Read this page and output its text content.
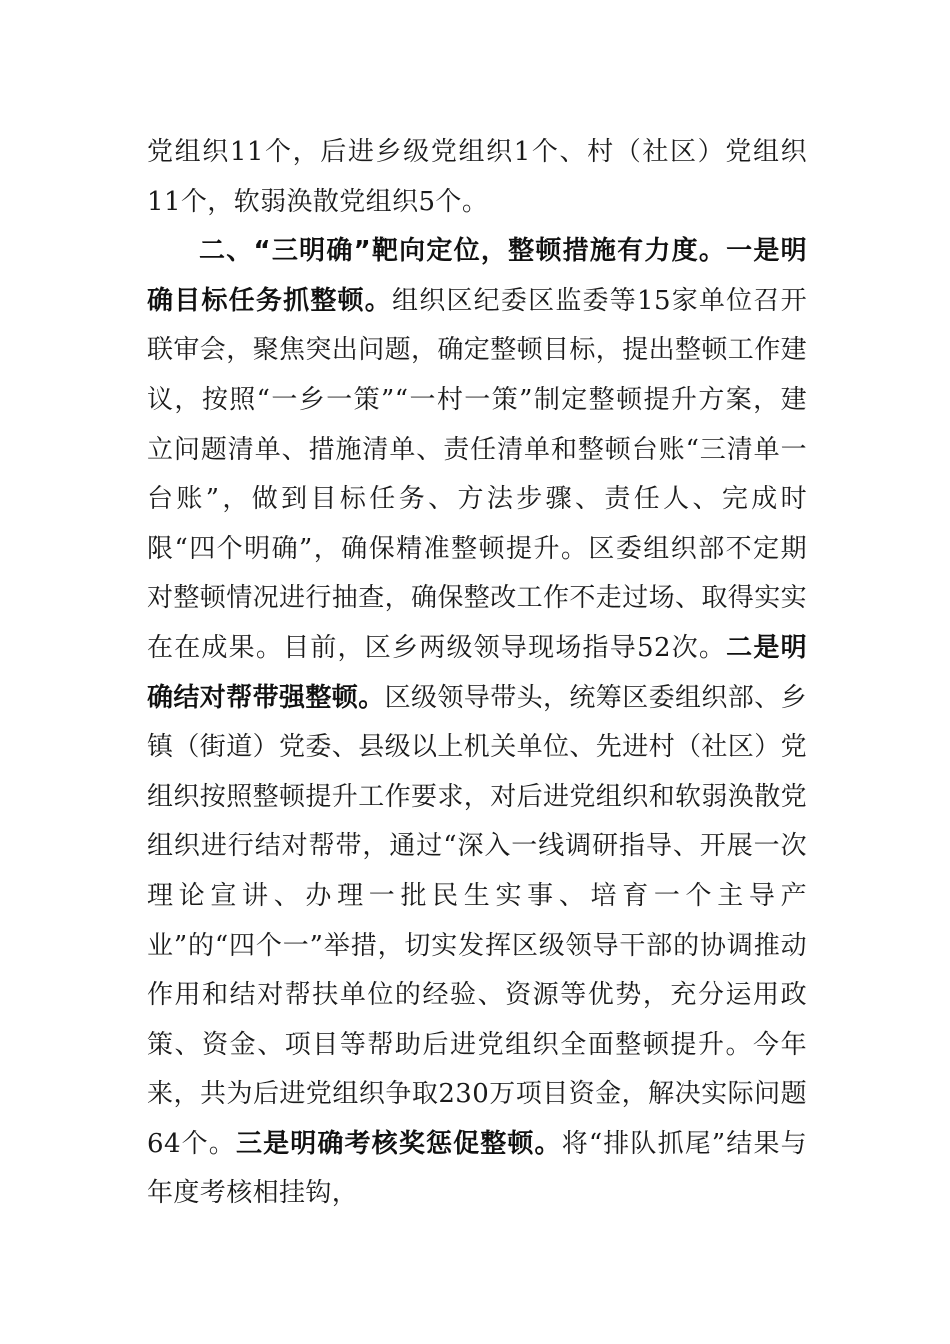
党组织11个，后进乡级党组织1个、村（社区）党组织11个，软弱涣散党组织5个。

二、“三明确”靶向定位，整顿措施有力度。一是明确目标任务抓整顿。组织区纪委区监委等15家单位召开联审会，聚焦突出问题，确定整顿目标，提出整顿工作建议，按照“一乡一策”“一村一策”制定整顿提升方案，建立问题清单、措施清单、责任清单和整顿台账“三清单一台账”，做到目标任务、方法步骤、责任人、完成时限“四个明确”，确保精准整顿提升。区委组织部不定期对整顿情况进行抽查，确保整改工作不走过场、取得实实在在成果。目前，区乡两级领导现场指导52次。二是明确结对帮带强整顿。区级领导带头，统筹区委组织部、乡镇（街道）党委、县级以上机关单位、先进村（社区）党组织按照整顿提升工作要求，对后进党组织和软弱涣散党组织进行结对帮带，通过“深入一线调研指导、开展一次理论宣讲、办理一批民生实事、培育一个主导产业”的“四个一”举措，切实发挥区级领导干部的协调推动作用和结对帮扶单位的经验、资源等优势，充分运用政策、资金、项目等帮助后进党组织全面整顿提升。今年来，共为后进党组织争取230万项目资金，解决实际问题64个。三是明确考核奖惩促整顿。将“排队抓尾”结果与年度考核相挂钩，
